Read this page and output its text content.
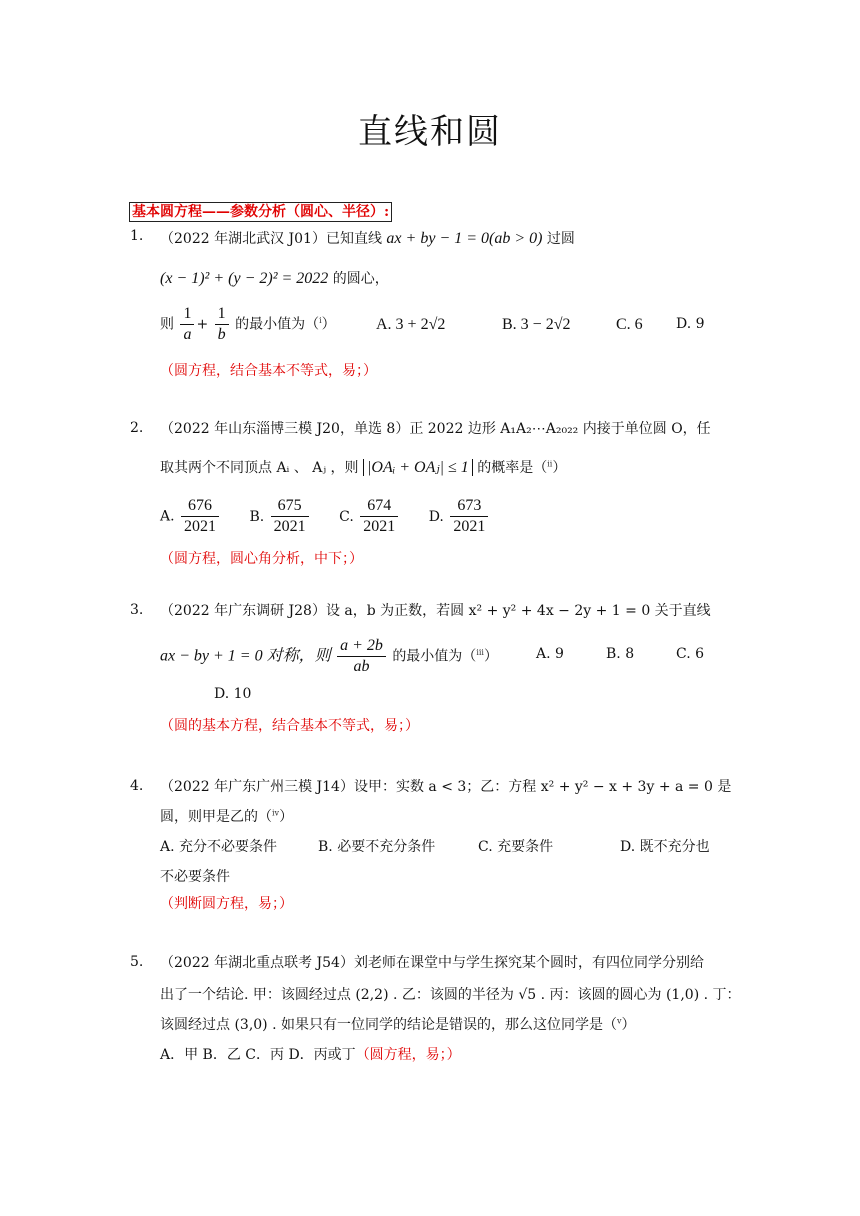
直线和圆
基本圆方程——参数分析（圆心、半径）:
1. （2022 年湖北武汉 J01）已知直线 ax + by − 1 = 0(ab > 0) 过圆
(x − 1)² + (y − 2)² = 2022 的圆心，
则 $\frac{1}{a} + \frac{1}{b}$ 的最小值为（$^i$）	A. 3 + 2√2	B. 3 − 2√2	C. 6 D. 9
（圆方程，结合基本不等式，易；）
2. （2022 年山东淄博三模 J20，单选 8）正 2022 边形 A₁A₂⋯A₂₀₂₂ 内接于单位圆 O，任
取其两个不同顶点 Aᵢ 、 Aⱼ ，则 |OAᵢ + OAⱼ| ≤ 1 的概率是（$^{ii}$）
A. $\frac{676}{2021} B$. $\frac{675}{2021} C$. $\frac{674}{2021} D$. $\frac{673}{2021}$
（圆方程，圆心角分析，中下；）
3. （2022 年广东调研 J28）设 a，b 为正数，若圆 x² + y² + 4x − 2y + 1 = 0 关于直线
ax − by + 1 = 0 对称，则 $\frac{a + 2b}{ab}$ 的最小值为（$^{iii}$）	A. 9	B. 8	C. 6
D. 10
（圆的基本方程，结合基本不等式，易；）
4. （2022 年广东广州三模 J14）设甲：实数 a < 3；乙：方程 x² + y² − x + 3y + a = 0 是
圆，则甲是乙的（$^{iv}$）
A. 充分不必要条件	B. 必要不充分条件	C. 充要条件	D. 既不充分也
不必要条件
（判断圆方程，易；）
5. （2022 年湖北重点联考 J54）刘老师在课堂中与学生探究某个圆时，有四位同学分别给
出了一个结论. 甲：该圆经过点 (2,2) . 乙：该圆的半径为 √5 . 丙：该圆的圆心为 (1,0) . 丁：
该圆经过点 (3,0) . 如果只有一位同学的结论是错误的，那么这位同学是（$^v$）
A．甲 B．乙 C．丙 D．丙或丁（圆方程，易；）
